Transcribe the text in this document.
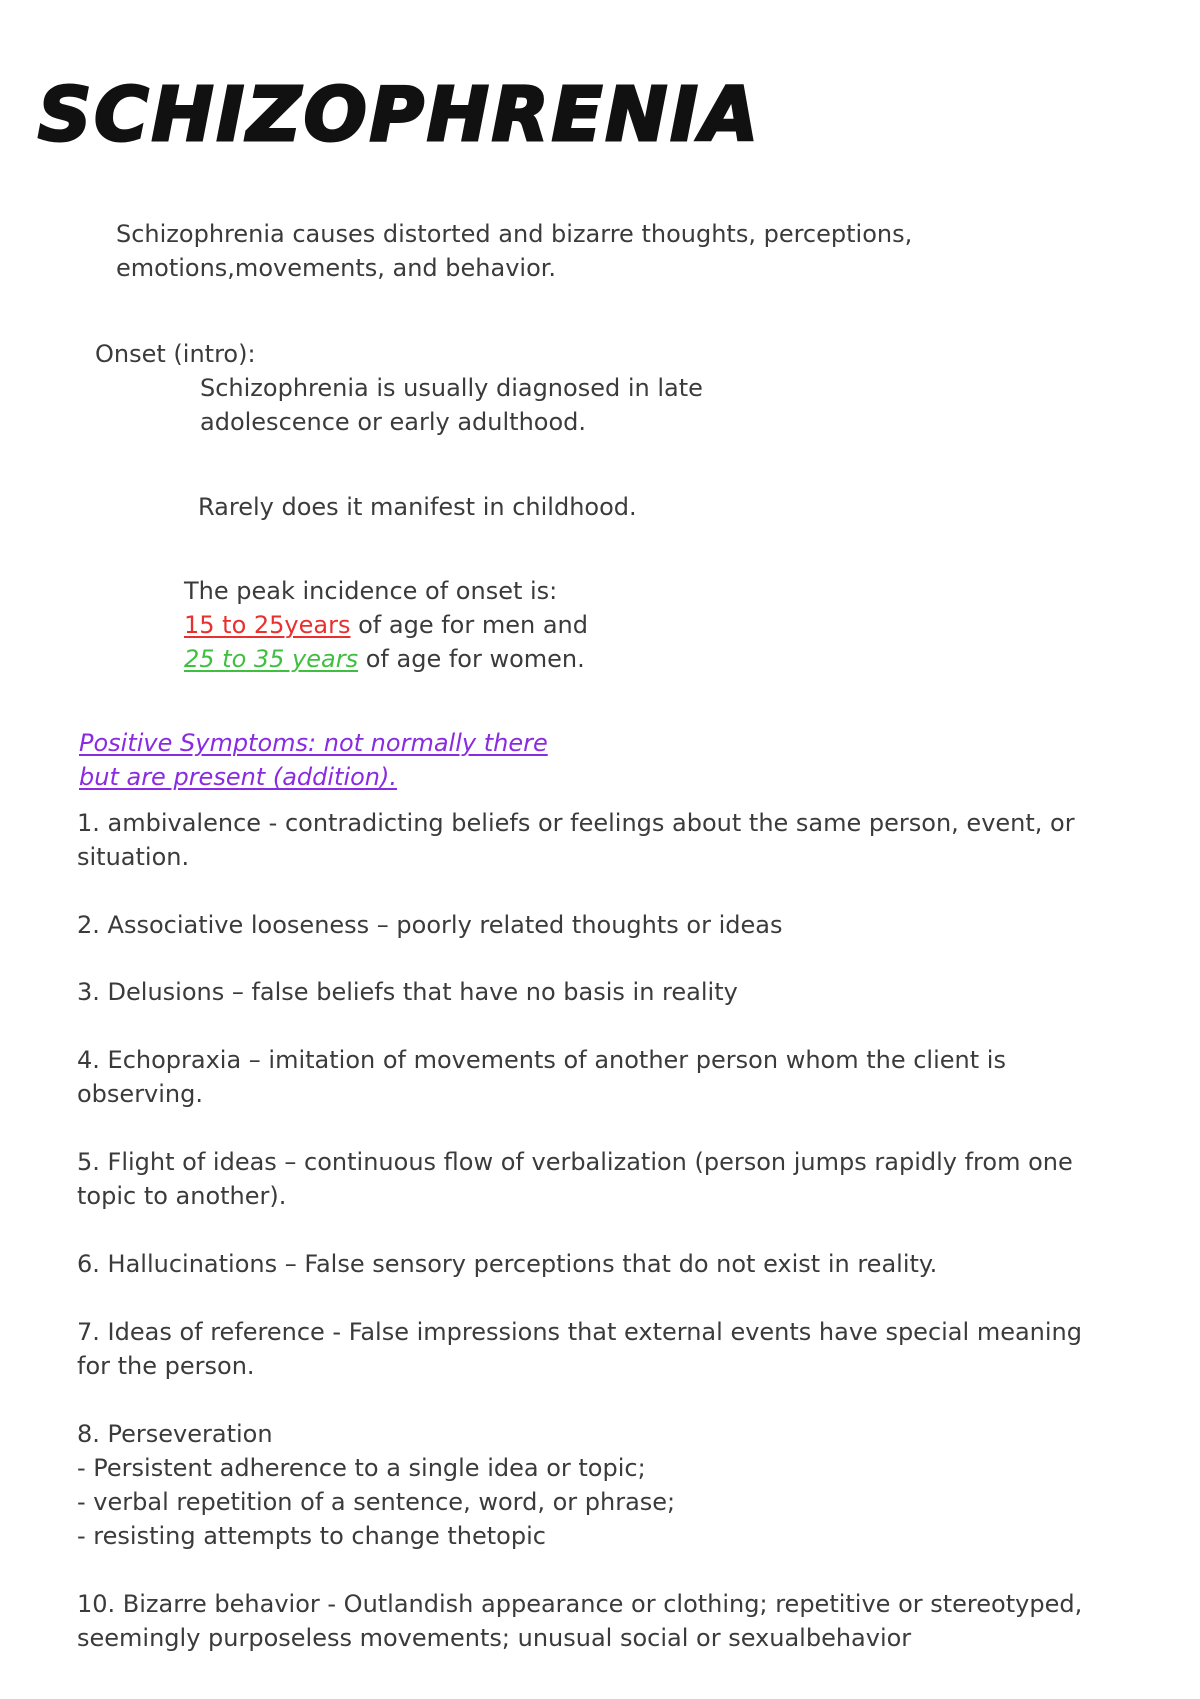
SCHIZOPHRENIA
Schizophrenia causes distorted and bizarre thoughts, perceptions,
emotions,movements, and behavior.
Onset (intro):
Schizophrenia is usually diagnosed in late
adolescence or early adulthood.
Rarely does it manifest in childhood.
The peak incidence of onset is:
15 to 25years of age for men and
25 to 35 years of age for women.
Positive Symptoms: not normally there
but are present (addition).
1. ambivalence - contradicting beliefs or feelings about the same person, event, or
situation.
2. Associative looseness – poorly related thoughts or ideas
3. Delusions – false beliefs that have no basis in reality
4. Echopraxia – imitation of movements of another person whom the client is
observing.
5. Flight of ideas – continuous flow of verbalization (person jumps rapidly from one
topic to another).
6. Hallucinations – False sensory perceptions that do not exist in reality.
7. Ideas of reference - False impressions that external events have special meaning
for the person.
8. Perseveration
- Persistent adherence to a single idea or topic;
- verbal repetition of a sentence, word, or phrase;
- resisting attempts to change thetopic
10. Bizarre behavior - Outlandish appearance or clothing; repetitive or stereotyped,
seemingly purposeless movements; unusual social or sexualbehavior
